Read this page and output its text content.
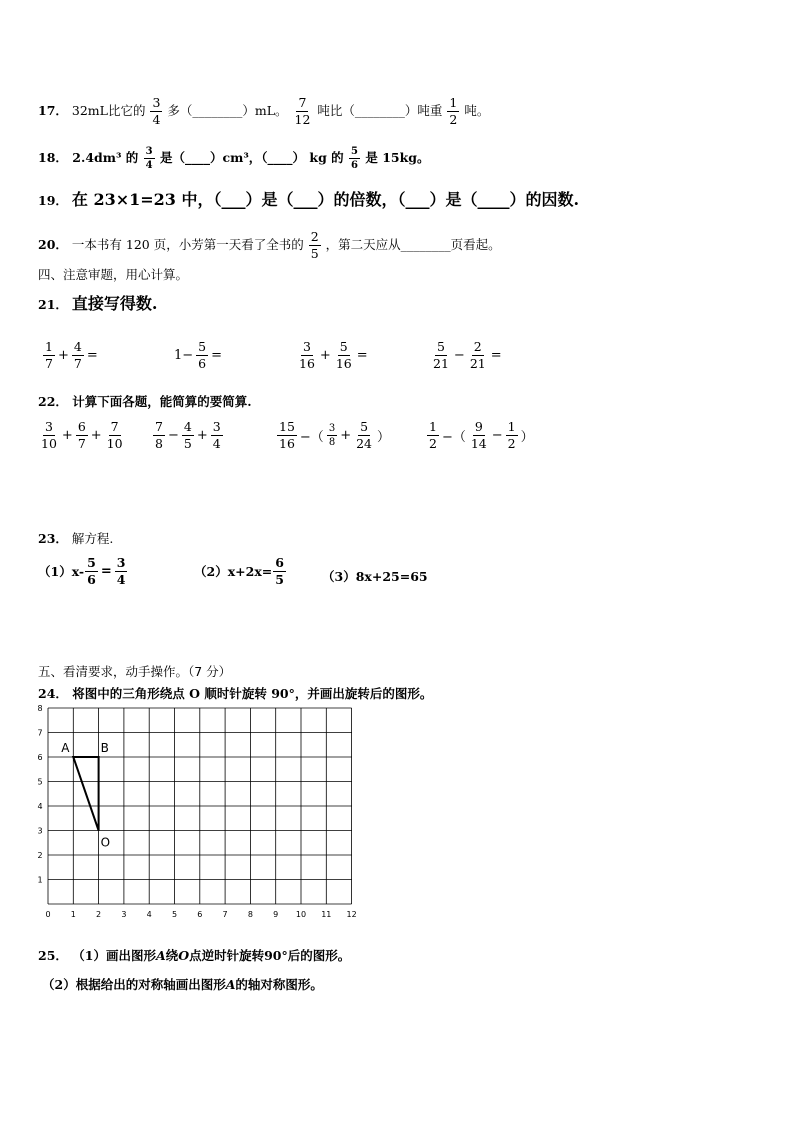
17． 32mL比它的 $\frac{3}{4}$ 多（________）mL。 $\frac{7}{12}$ 吨比（________）吨重 $\frac{1}{2}$ 吨。
18． 2.4dm³ 的 $\frac{3}{4}$ 是（____）cm³，（____） kg 的 $\frac{5}{6}$ 是 15kg。
19． 在 23×1=23 中，（___）是（___）的倍数，（___）是（____）的因数.
20． 一本书有 120 页，小芳第一天看了全书的 $\frac{2}{5}$ ，第二天应从________页看起。
四、注意审题，用心计算。
21． 直接写得数.
$\frac{1}{7} + \frac{4}{7}$ =	$1- \frac{5}{6}$ =	$\frac{3}{16} + \frac{5}{16}$ =	$\frac{5}{21} - \frac{2}{21}$ =
22． 计算下面各题，能简算的要简算.
$\frac{3}{10} + \frac{6}{7} + \frac{7}{10} \frac{7}{8} - \frac{4}{5} + \frac{3}{4}$	$\frac{15}{16}$ −（ $\frac{3}{8} + \frac{5}{24}$ ）	$\frac{1}{2}$ −（ $\frac{9}{14} - \frac{1}{2}$ ）
23． 解方程.
$(1)x- \frac{5}{6} = \frac{3}{4}$	$(2)x+2x= \frac{6}{5}$	（3）8x+25=65
五、看清要求，动手操作。（7 分）
24． 将图中的三角形绕点 O 顺时针旋转 90°，并画出旋转后的图形。
0	1	2	3	4	5	6	7	8	9 10 11 12
1
2
3
4
5
6
7
8
A	B
O
25． （1）画出图形A绕O点逆时针旋转90°后的图形。
（2）根据给出的对称轴画出图形A的轴对称图形。
